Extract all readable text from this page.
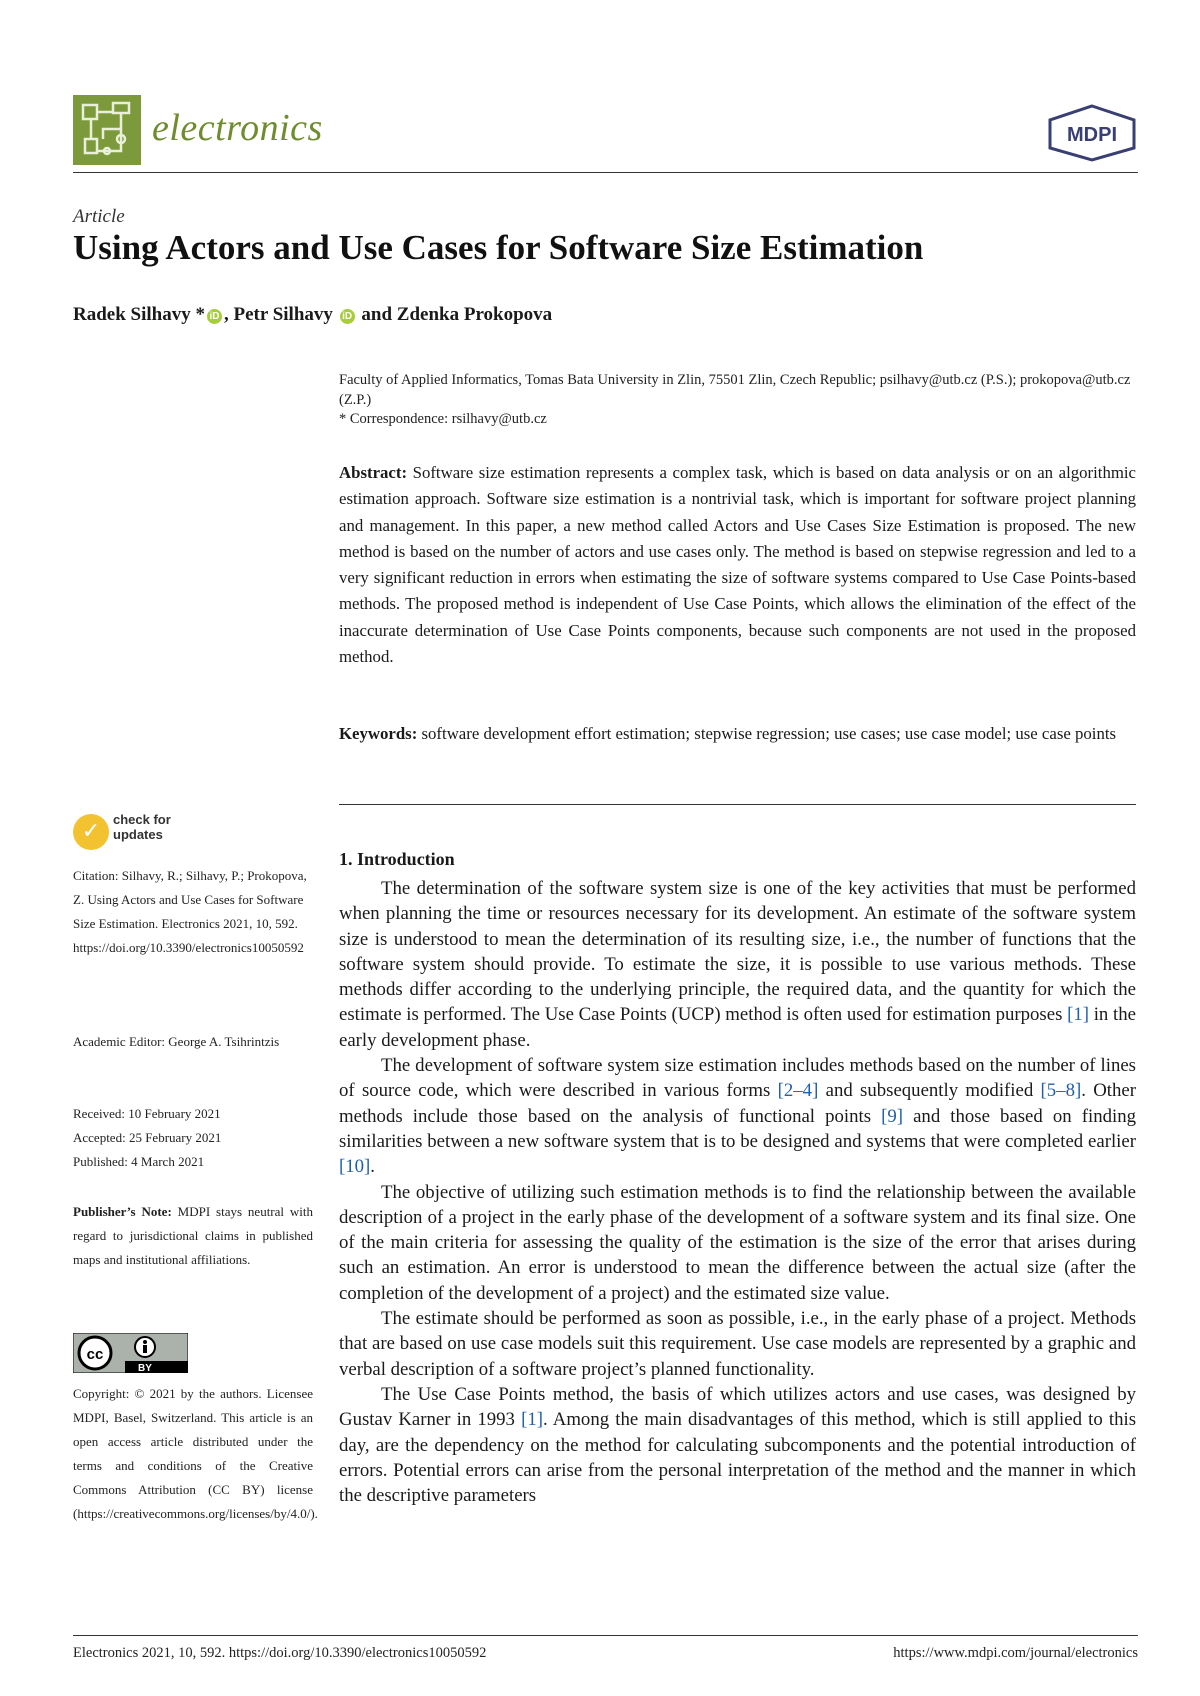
electronics	MDPI
Article
Using Actors and Use Cases for Software Size Estimation
Radek Silhavy * iD , Petr Silhavy iD and Zdenka Prokopova
Faculty of Applied Informatics, Tomas Bata University in Zlin, 75501 Zlin, Czech Republic; psilhavy@utb.cz (P.S.); prokopova@utb.cz (Z.P.)
* Correspondence: rsilhavy@utb.cz
Abstract: Software size estimation represents a complex task, which is based on data analysis or on an algorithmic estimation approach. Software size estimation is a nontrivial task, which is important for software project planning and management. In this paper, a new method called Actors and Use Cases Size Estimation is proposed. The new method is based on the number of actors and use cases only. The method is based on stepwise regression and led to a very significant reduction in errors when estimating the size of software systems compared to Use Case Points-based methods. The proposed method is independent of Use Case Points, which allows the elimination of the effect of the inaccurate determination of Use Case Points components, because such components are not used in the proposed method.
Keywords: software development effort estimation; stepwise regression; use cases; use case model; use case points
✓ check for
updates
Citation: Silhavy, R.; Silhavy, P.; Prokopova, Z. Using Actors and Use Cases for Software Size Estimation. Electronics 2021, 10, 592. https://doi.org/10.3390/electronics10050592
Academic Editor: George A. Tsihrintzis
Received: 10 February 2021
Accepted: 25 February 2021
Published: 4 March 2021
Publisher’s Note: MDPI stays neutral with regard to jurisdictional claims in published maps and institutional affiliations.
cc
BY
Copyright: © 2021 by the authors. Licensee MDPI, Basel, Switzerland. This article is an open access article distributed under the terms and conditions of the Creative Commons Attribution (CC BY) license (https://creativecommons.org/licenses/by/4.0/).
1. Introduction

The determination of the software system size is one of the key activities that must be performed when planning the time or resources necessary for its development. An estimate of the software system size is understood to mean the determination of its resulting size, i.e., the number of functions that the software system should provide. To estimate the size, it is possible to use various methods. These methods differ according to the underlying principle, the required data, and the quantity for which the estimate is performed. The Use Case Points (UCP) method is often used for estimation purposes [1] in the early development phase.

The development of software system size estimation includes methods based on the number of lines of source code, which were described in various forms [2–4] and subsequently modified [5–8]. Other methods include those based on the analysis of functional points [9] and those based on finding similarities between a new software system that is to be designed and systems that were completed earlier [10].

The objective of utilizing such estimation methods is to find the relationship between the available description of a project in the early phase of the development of a software system and its final size. One of the main criteria for assessing the quality of the estimation is the size of the error that arises during such an estimation. An error is understood to mean the difference between the actual size (after the completion of the development of a project) and the estimated size value.

The estimate should be performed as soon as possible, i.e., in the early phase of a project. Methods that are based on use case models suit this requirement. Use case models are represented by a graphic and verbal description of a software project’s planned functionality.

The Use Case Points method, the basis of which utilizes actors and use cases, was designed by Gustav Karner in 1993 [1]. Among the main disadvantages of this method, which is still applied to this day, are the dependency on the method for calculating subcomponents and the potential introduction of errors. Potential errors can arise from the personal interpretation of the method and the manner in which the descriptive parameters

Electronics 2021, 10, 592. https://doi.org/10.3390/electronics10050592	https://www.mdpi.com/journal/electronics
